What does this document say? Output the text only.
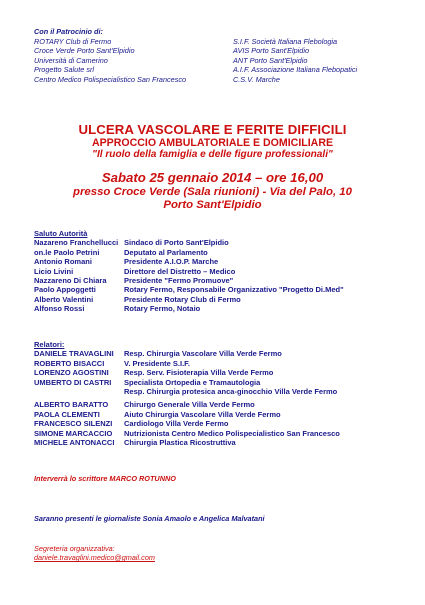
Con il Patrocinio di:
ROTARY Club di Fermo
Croce Verde Porto Sant'Elpidio
Università di Camerino
Progetto Salute srl
Centro Medico Polispecialistico San Francesco
S.I.F. Società Italiana Flebologia
AVIS Porto Sant'Elpidio
ANT Porto Sant'Elpidio
A.I.F. Associazione Italiana Flebopatici
C.S.V. Marche
ULCERA VASCOLARE E FERITE DIFFICILI
APPROCCIO AMBULATORIALE E DOMICILIARE
"Il ruolo della famiglia e delle figure professionali"
Sabato 25 gennaio 2014 – ore 16,00
presso Croce Verde (Sala riunioni) - Via del Palo, 10
Porto Sant'Elpidio
Saluto Autorità
Nazareno Franchellucci Sindaco di Porto Sant'Elpidio
on.le Paolo Petrini	Deputato al Parlamento
Antonio Romani	Presidente A.I.O.P. Marche
Licio Livini	Direttore del Distretto – Medico
Nazzareno Di Chiara	Presidente "Fermo Promuove"
Paolo Appoggetti	Rotary Fermo, Responsabile Organizzativo "Progetto Di.Med"
Alberto Valentini	Presidente Rotary Club di Fermo
Alfonso Rossi	Rotary Fermo, Notaio
Relatori:
DANIELE TRAVAGLINI	Resp. Chirurgia Vascolare Villa Verde Fermo
ROBERTO BISACCI	V. Presidente S.I.F.
LORENZO AGOSTINI	Resp. Serv. Fisioterapia Villa Verde Fermo
UMBERTO DI CASTRI	Specialista Ortopedia e Tramautologia
Resp. Chirurgia protesica anca-ginocchio Villa Verde Fermo
ALBERTO BARATTO	Chirurgo Generale Villa Verde Fermo
PAOLA CLEMENTI	Aiuto Chirurgia Vascolare Villa Verde Fermo
FRANCESCO SILENZI	Cardiologo Villa Verde Fermo
SIMONE MARCACCIO	Nutrizionista Centro Medico Polispecialistico San Francesco
MICHELE ANTONACCI	Chirurgia Plastica Ricostruttiva
Interverrà lo scrittore MARCO ROTUNNO
Saranno presenti le giornaliste Sonia Amaolo e Angelica Malvatani
Segreteria organizzativa:
daniele.travaglini.medico@gmail.com
